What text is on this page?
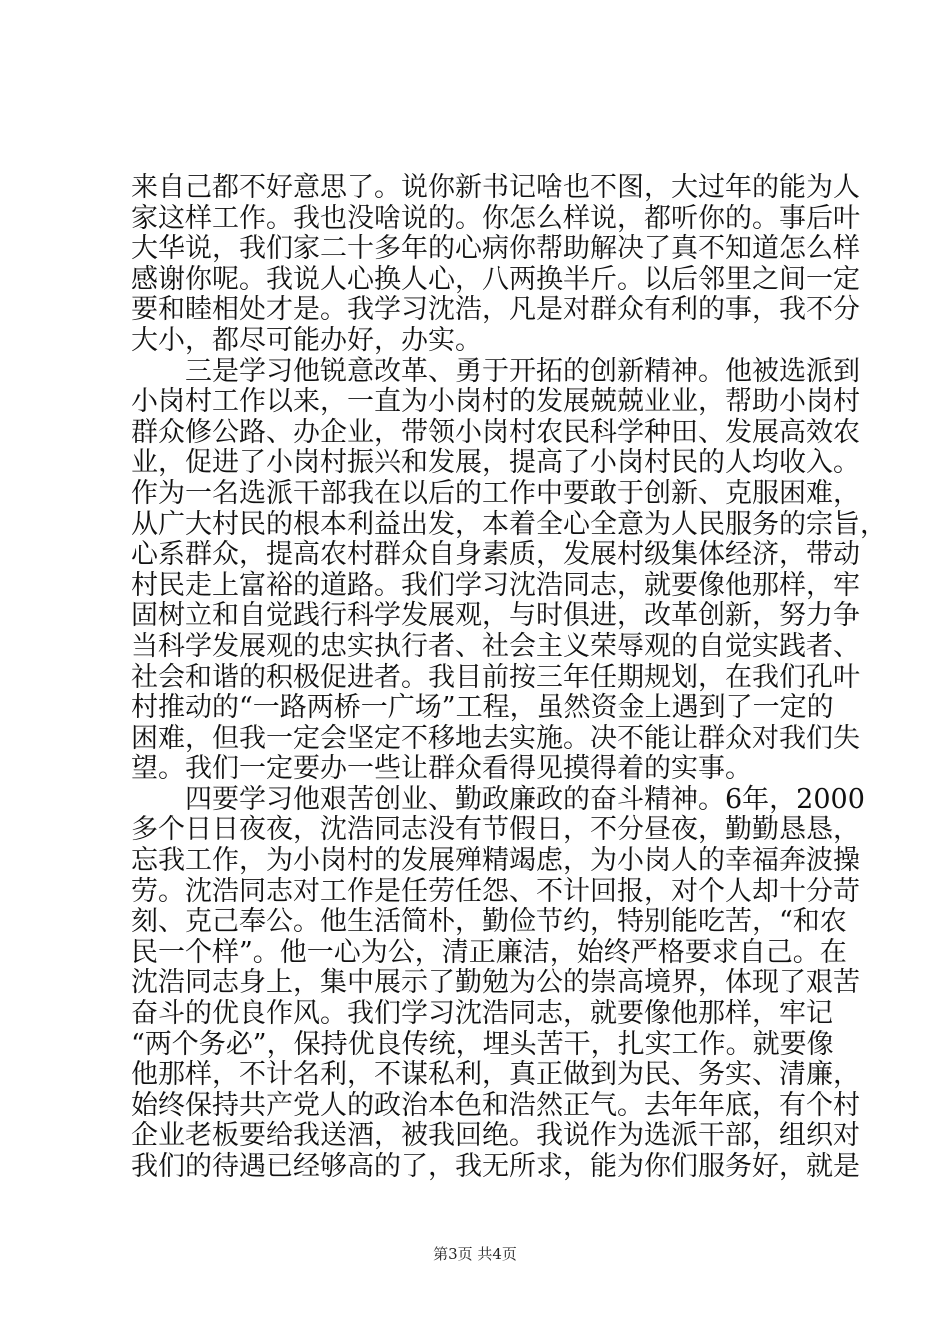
来自己都不好意思了。说你新书记啥也不图，大过年的能为人
家这样工作。我也没啥说的。你怎么样说，都听你的。事后叶
大华说，我们家二十多年的心病你帮助解决了真不知道怎么样
感谢你呢。我说人心换人心，八两换半斤。以后邻里之间一定
要和睦相处才是。我学习沈浩，凡是对群众有利的事，我不分
大小，都尽可能办好，办实。
三是学习他锐意改革、勇于开拓的创新精神。他被选派到
小岗村工作以来，一直为小岗村的发展兢兢业业，帮助小岗村
群众修公路、办企业，带领小岗村农民科学种田、发展高效农
业，促进了小岗村振兴和发展，提高了小岗村民的人均收入。
作为一名选派干部我在以后的工作中要敢于创新、克服困难，
从广大村民的根本利益出发，本着全心全意为人民服务的宗旨，
心系群众，提高农村群众自身素质，发展村级集体经济，带动
村民走上富裕的道路。我们学习沈浩同志，就要像他那样，牢
固树立和自觉践行科学发展观，与时俱进，改革创新，努力争
当科学发展观的忠实执行者、社会主义荣辱观的自觉实践者、
社会和谐的积极促进者。我目前按三年任期规划，在我们孔叶
村推动的“一路两桥一广场”工程，虽然资金上遇到了一定的
困难，但我一定会坚定不移地去实施。决不能让群众对我们失
望。我们一定要办一些让群众看得见摸得着的实事。
四要学习他艰苦创业、勤政廉政的奋斗精神。6年，2000
多个日日夜夜，沈浩同志没有节假日，不分昼夜，勤勤恳恳，
忘我工作，为小岗村的发展殚精竭虑，为小岗人的幸福奔波操
劳。沈浩同志对工作是任劳任怨、不计回报，对个人却十分苛
刻、克己奉公。他生活简朴，勤俭节约，特别能吃苦，“和农
民一个样”。他一心为公，清正廉洁，始终严格要求自己。在
沈浩同志身上，集中展示了勤勉为公的崇高境界，体现了艰苦
奋斗的优良作风。我们学习沈浩同志，就要像他那样，牢记
“两个务必”，保持优良传统，埋头苦干，扎实工作。就要像
他那样，不计名利，不谋私利，真正做到为民、务实、清廉，
始终保持共产党人的政治本色和浩然正气。去年年底，有个村
企业老板要给我送酒，被我回绝。我说作为选派干部，组织对
我们的待遇已经够高的了，我无所求，能为你们服务好，就是
第3页 共4页
